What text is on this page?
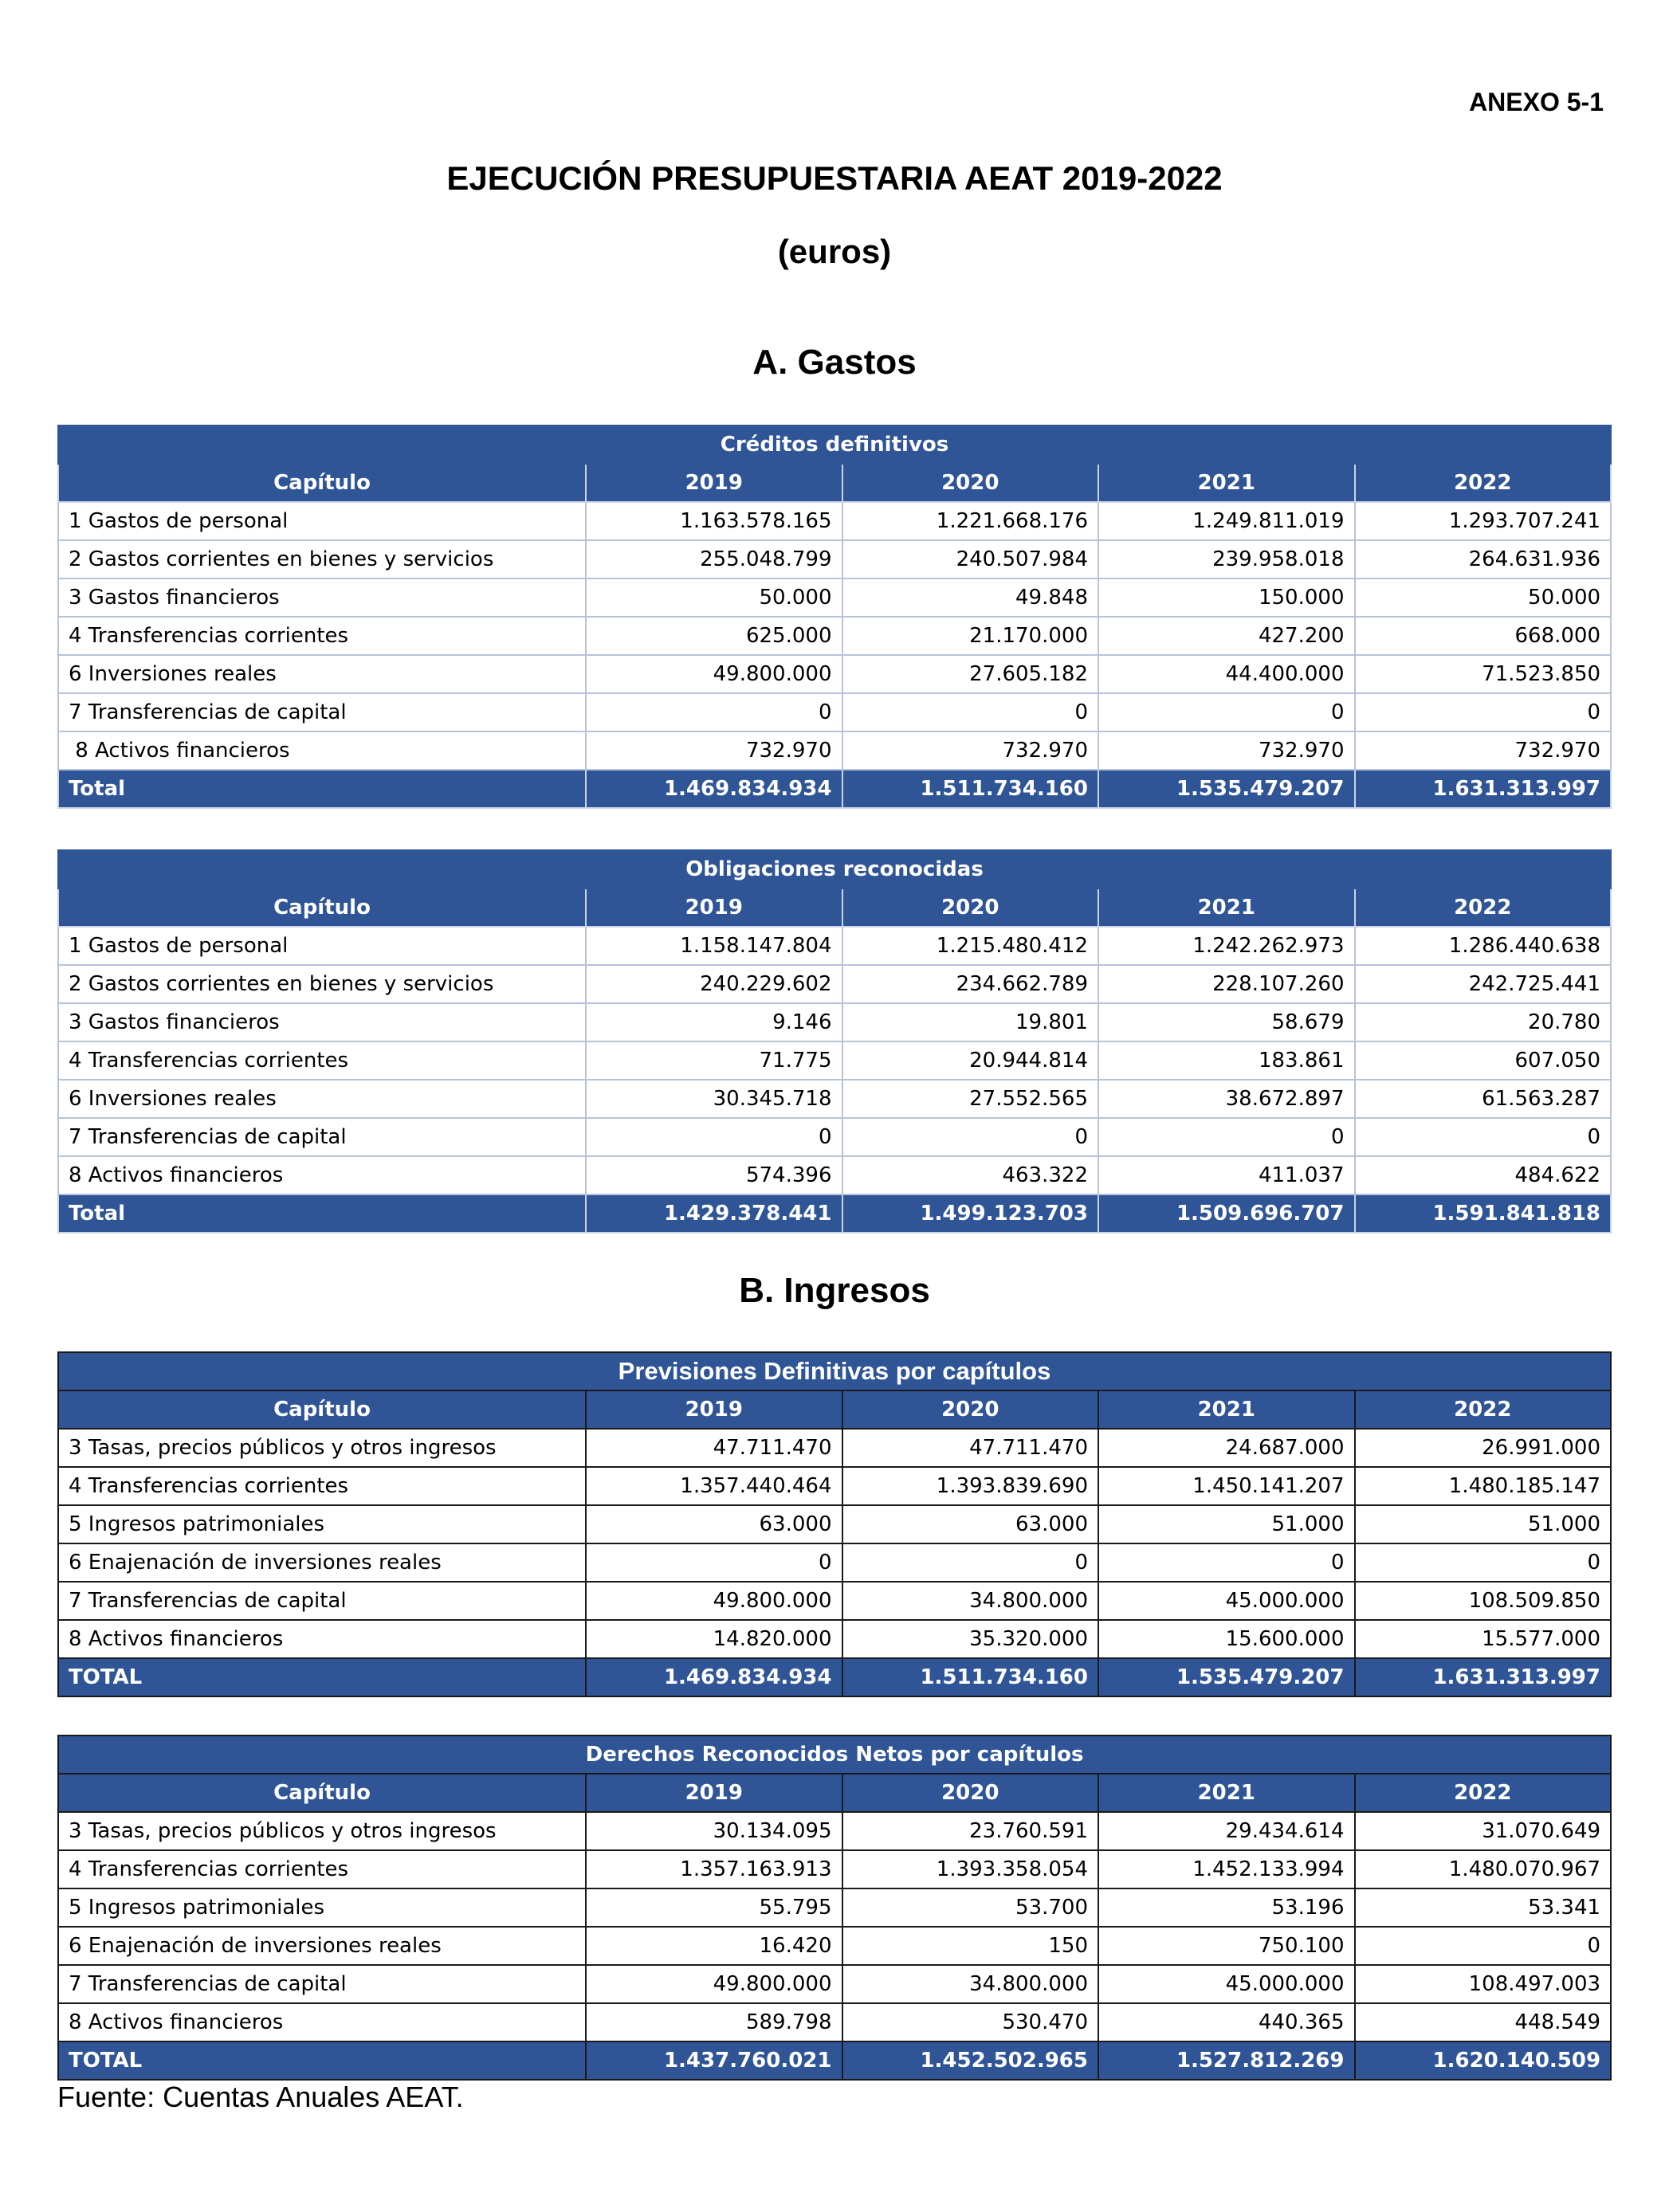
ANEXO 5-1
EJECUCIÓN PRESUPUESTARIA AEAT 2019-2022
(euros)
A. Gastos
Créditos definitivos				
Capítulo	2019	2020	2021	2022
1 Gastos de personal	1.163.578.165	1.221.668.176	1.249.811.019	1.293.707.241
2 Gastos corrientes en bienes y servicios	255.048.799	240.507.984	239.958.018	264.631.936
3 Gastos financieros	50.000	49.848	150.000	50.000
4 Transferencias corrientes	625.000	21.170.000	427.200	668.000
6 Inversiones reales	49.800.000	27.605.182	44.400.000	71.523.850
7 Transferencias de capital	0	0	0	0
8 Activos financieros	732.970	732.970	732.970	732.970
Total	1.469.834.934	1.511.734.160	1.535.479.207	1.631.313.997
Obligaciones reconocidas				
Capítulo	2019	2020	2021	2022
1 Gastos de personal	1.158.147.804	1.215.480.412	1.242.262.973	1.286.440.638
2 Gastos corrientes en bienes y servicios	240.229.602	234.662.789	228.107.260	242.725.441
3 Gastos financieros	9.146	19.801	58.679	20.780
4 Transferencias corrientes	71.775	20.944.814	183.861	607.050
6 Inversiones reales	30.345.718	27.552.565	38.672.897	61.563.287
7 Transferencias de capital	0	0	0	0
8 Activos financieros	574.396	463.322	411.037	484.622
Total	1.429.378.441	1.499.123.703	1.509.696.707	1.591.841.818
B. Ingresos
Previsiones Definitivas por capítulos				
Capítulo	2019	2020	2021	2022
3 Tasas, precios públicos y otros ingresos	47.711.470	47.711.470	24.687.000	26.991.000
4 Transferencias corrientes	1.357.440.464	1.393.839.690	1.450.141.207	1.480.185.147
5 Ingresos patrimoniales	63.000	63.000	51.000	51.000
6 Enajenación de inversiones reales	0	0	0	0
7 Transferencias de capital	49.800.000	34.800.000	45.000.000	108.509.850
8 Activos financieros	14.820.000	35.320.000	15.600.000	15.577.000
TOTAL	1.469.834.934	1.511.734.160	1.535.479.207	1.631.313.997
Derechos Reconocidos Netos por capítulos				
Capítulo	2019	2020	2021	2022
3 Tasas, precios públicos y otros ingresos	30.134.095	23.760.591	29.434.614	31.070.649
4 Transferencias corrientes	1.357.163.913	1.393.358.054	1.452.133.994	1.480.070.967
5 Ingresos patrimoniales	55.795	53.700	53.196	53.341
6 Enajenación de inversiones reales	16.420	150	750.100	0
7 Transferencias de capital	49.800.000	34.800.000	45.000.000	108.497.003
8 Activos financieros	589.798	530.470	440.365	448.549
TOTAL	1.437.760.021	1.452.502.965	1.527.812.269	1.620.140.509
Fuente: Cuentas Anuales AEAT.
